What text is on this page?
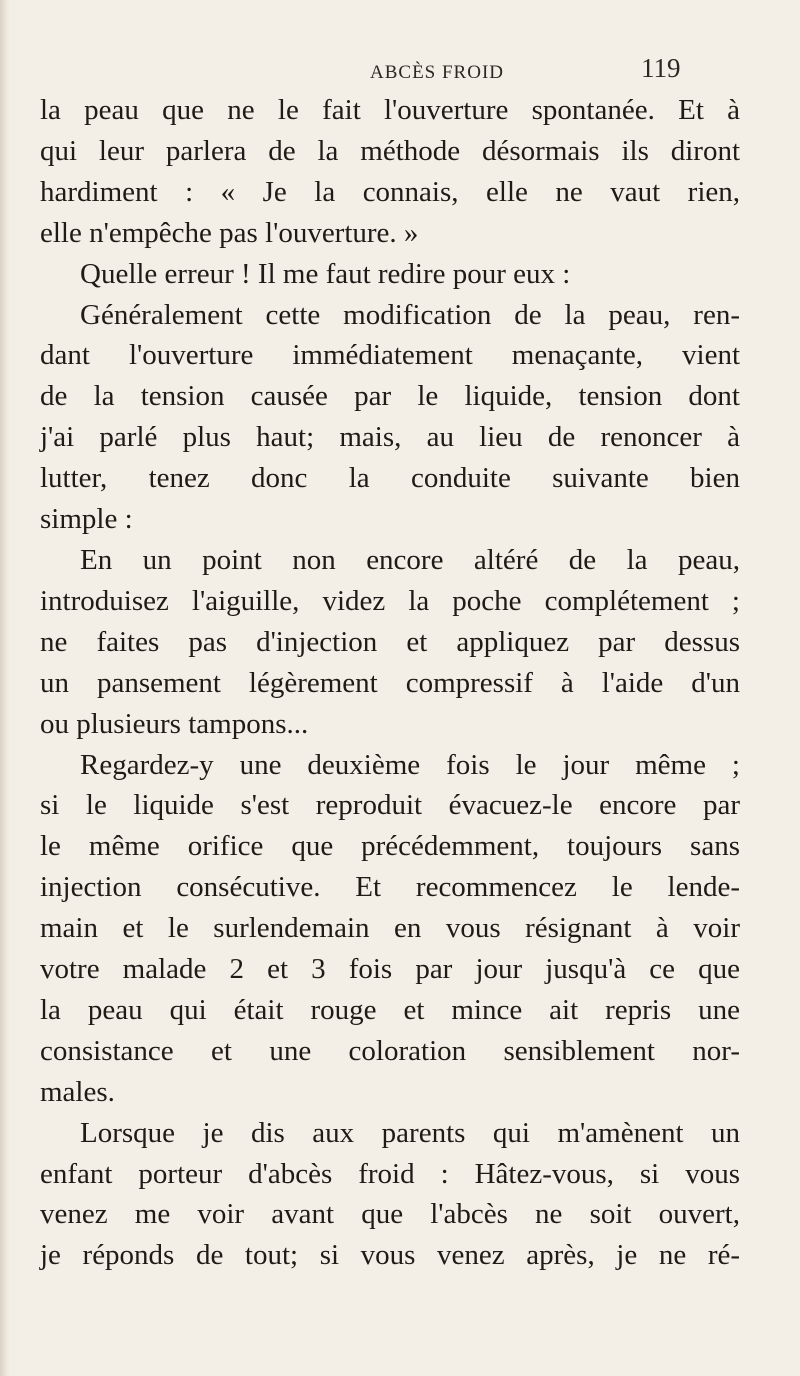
ABCÈS FROID	119
la peau que ne le fait l'ouverture spontanée. Et à
qui leur parlera de la méthode désormais ils diront
hardiment : « Je la connais, elle ne vaut rien,
elle n'empêche pas l'ouverture. »
Quelle erreur ! Il me faut redire pour eux :
Généralement cette modification de la peau, ren-
dant l'ouverture immédiatement menaçante, vient
de la tension causée par le liquide, tension dont
j'ai parlé plus haut; mais, au lieu de renoncer à
lutter, tenez donc la conduite suivante bien
simple :
En un point non encore altéré de la peau,
introduisez l'aiguille, videz la poche complétement ;
ne faites pas d'injection et appliquez par dessus
un pansement légèrement compressif à l'aide d'un
ou plusieurs tampons...
Regardez-y une deuxième fois le jour même ;
si le liquide s'est reproduit évacuez-le encore par
le même orifice que précédemment, toujours sans
injection consécutive. Et recommencez le lende-
main et le surlendemain en vous résignant à voir
votre malade 2 et 3 fois par jour jusqu'à ce que
la peau qui était rouge et mince ait repris une
consistance et une coloration sensiblement nor-
males.
Lorsque je dis aux parents qui m'amènent un
enfant porteur d'abcès froid : Hâtez-vous, si vous
venez me voir avant que l'abcès ne soit ouvert,
je réponds de tout; si vous venez après, je ne ré-
